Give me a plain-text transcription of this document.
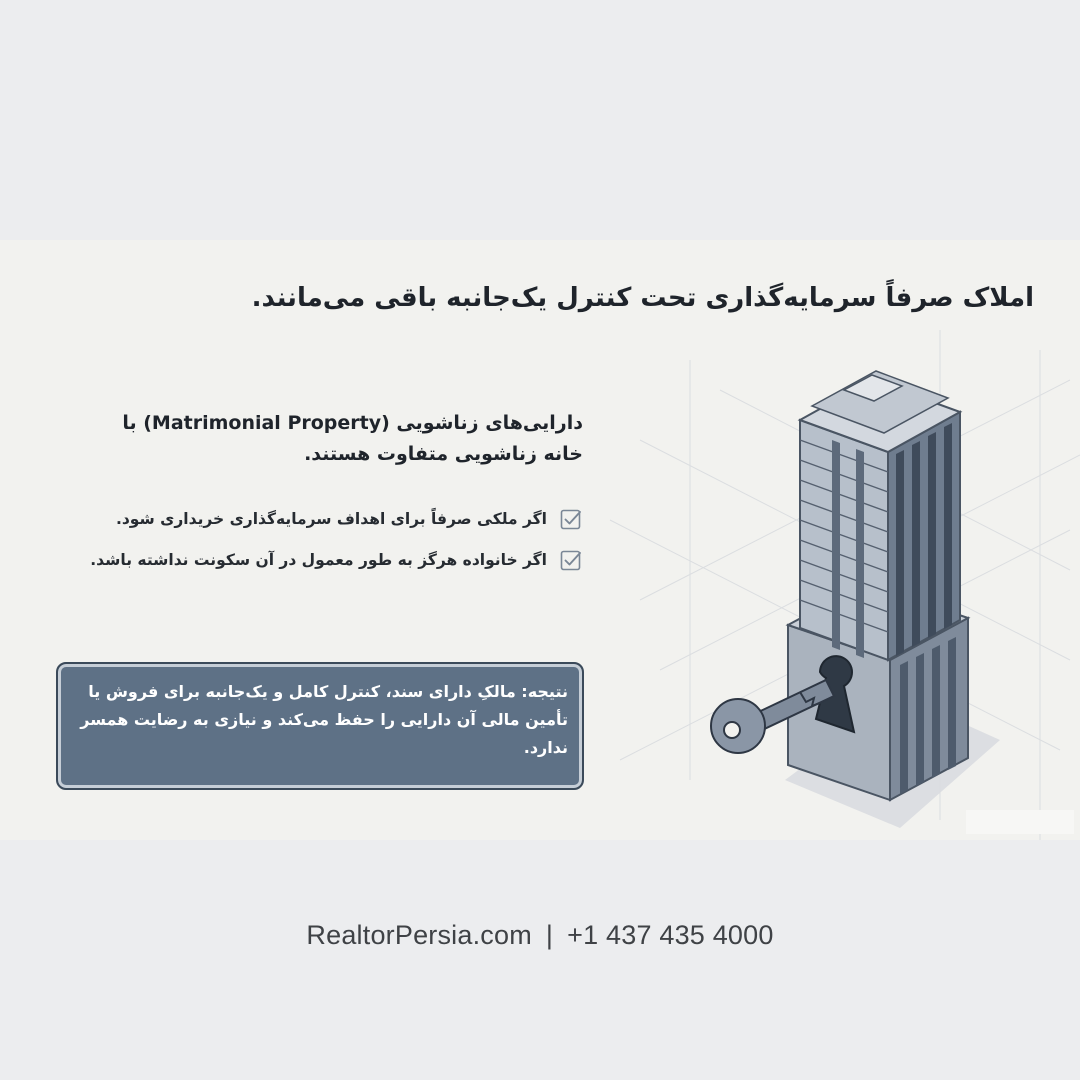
املاک صرفاً سرمایه‌گذاری تحت کنترل یک‌جانبه باقی می‌مانند.
دارایی‌های زناشویی (Matrimonial Property) با خانه زناشویی متفاوت هستند.
اگر ملکی صرفاً برای اهداف سرمایه‌گذاری خریداری شود.
اگر خانواده هرگز به طور معمول در آن سکونت نداشته باشد.
نتیجه: مالکِ دارای سند، کنترل کامل و یک‌جانبه برای فروش یا تأمین مالی آن دارایی را حفظ می‌کند و نیازی به رضایت همسر ندارد.
RealtorPersia.com | +1 437 435 4000
